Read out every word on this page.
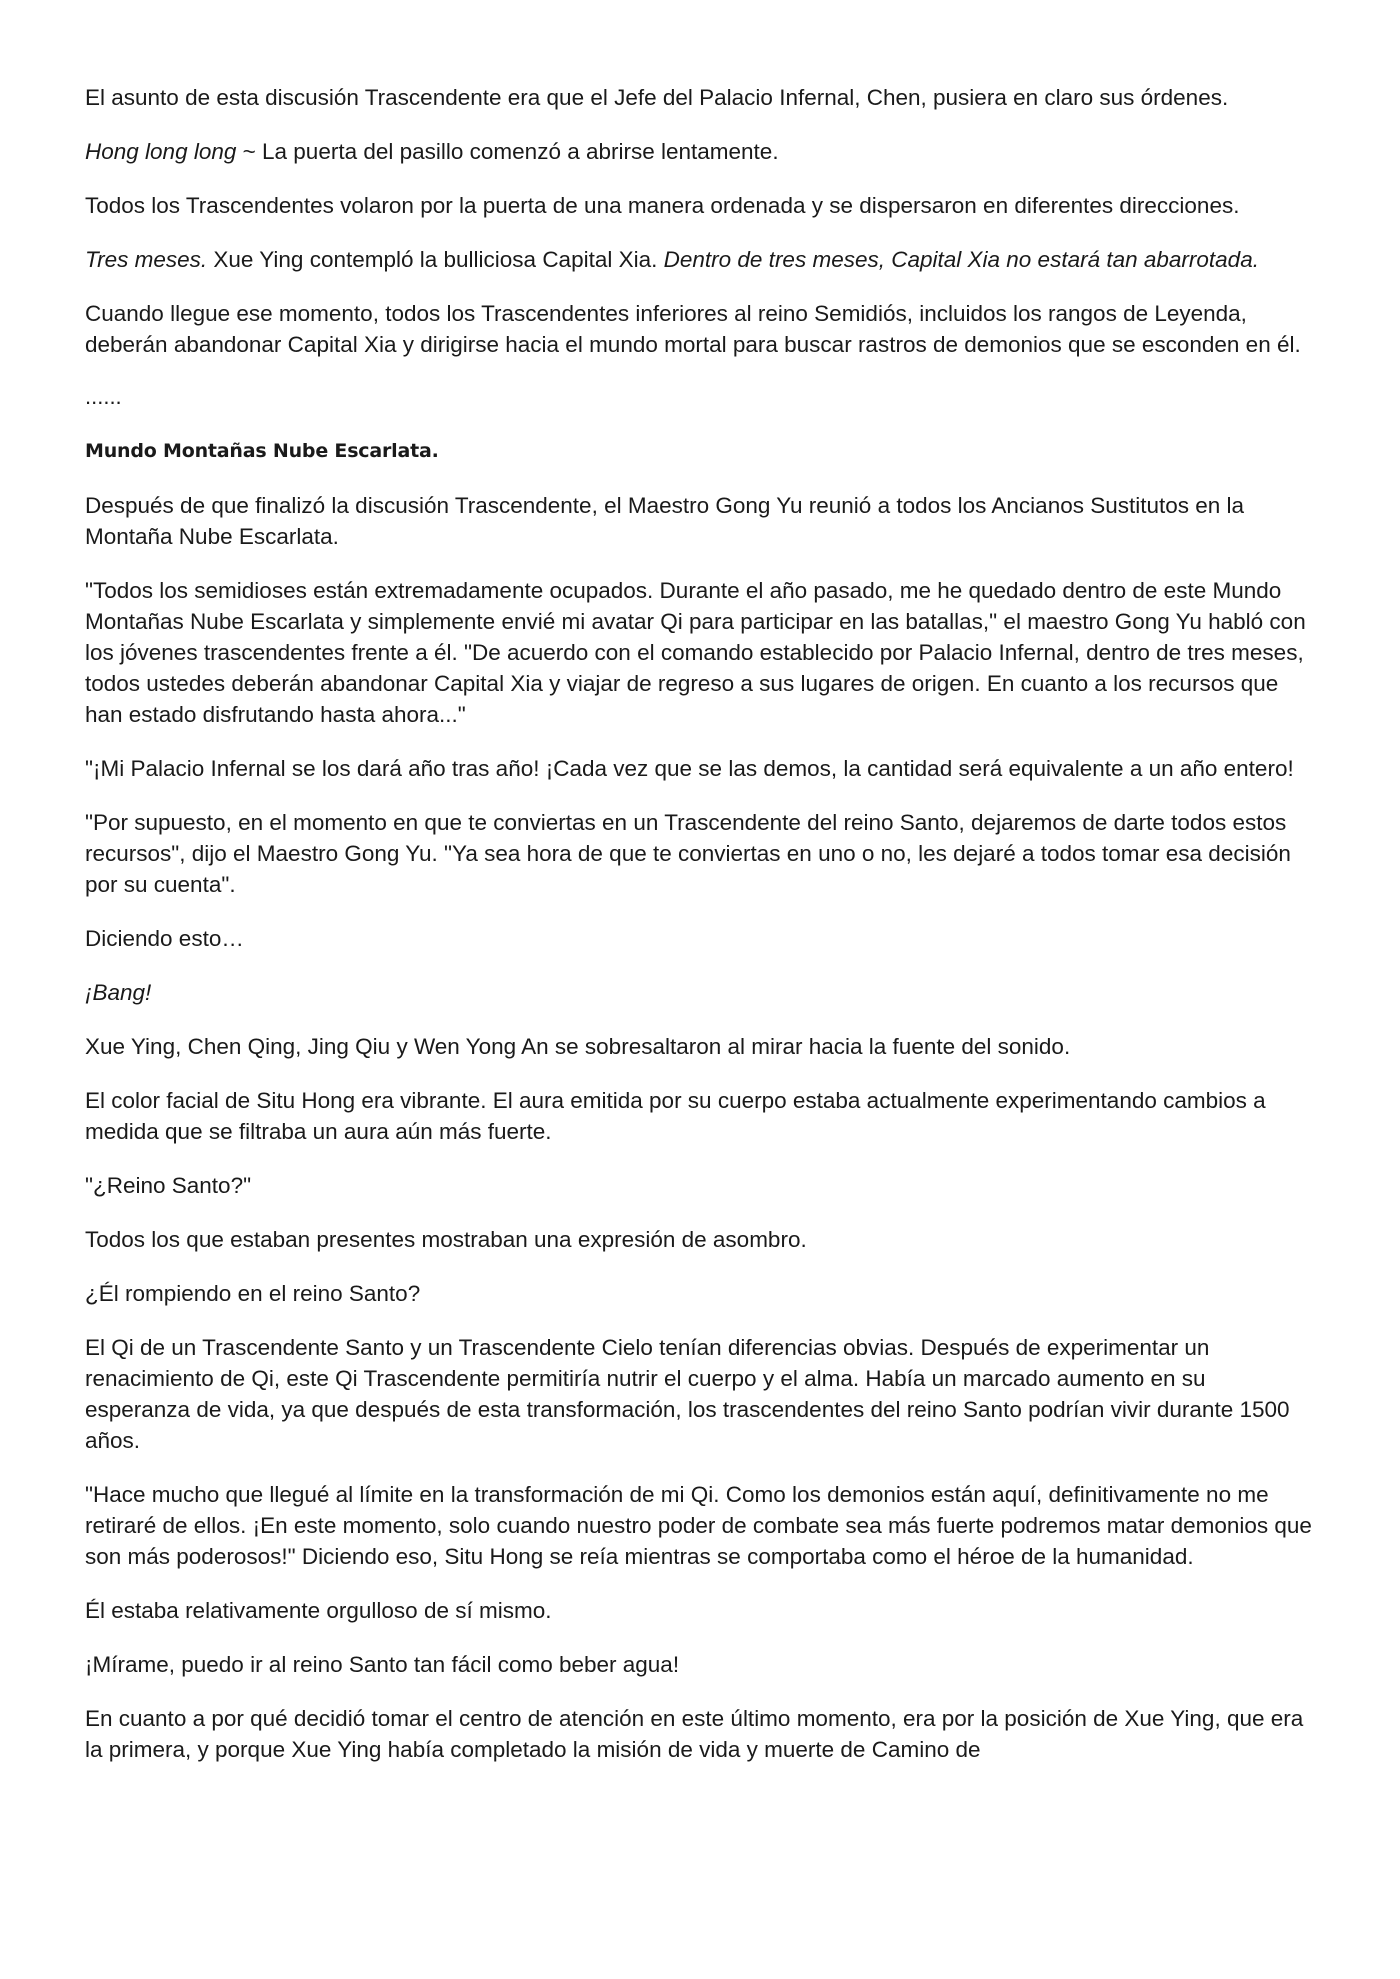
El asunto de esta discusión Trascendente era que el Jefe del Palacio Infernal, Chen, pusiera en claro sus órdenes.

Hong long long ~ La puerta del pasillo comenzó a abrirse lentamente.

Todos los Trascendentes volaron por la puerta de una manera ordenada y se dispersaron en diferentes direcciones.

Tres meses. Xue Ying contempló la bulliciosa Capital Xia. Dentro de tres meses, Capital Xia no estará tan abarrotada.

Cuando llegue ese momento, todos los Trascendentes inferiores al reino Semidiós, incluidos los rangos de Leyenda, deberán abandonar Capital Xia y dirigirse hacia el mundo mortal para buscar rastros de demonios que se esconden en él.

......

Mundo Montañas Nube Escarlata.

Después de que finalizó la discusión Trascendente, el Maestro Gong Yu reunió a todos los Ancianos Sustitutos en la Montaña Nube Escarlata.

"Todos los semidioses están extremadamente ocupados. Durante el año pasado, me he quedado dentro de este Mundo Montañas Nube Escarlata y simplemente envié mi avatar Qi para participar en las batallas," el maestro Gong Yu habló con los jóvenes trascendentes frente a él. "De acuerdo con el comando establecido por Palacio Infernal, dentro de tres meses, todos ustedes deberán abandonar Capital Xia y viajar de regreso a sus lugares de origen. En cuanto a los recursos que han estado disfrutando hasta ahora..."

"¡Mi Palacio Infernal se los dará año tras año! ¡Cada vez que se las demos, la cantidad será equivalente a un año entero!

"Por supuesto, en el momento en que te conviertas en un Trascendente del reino Santo, dejaremos de darte todos estos recursos", dijo el Maestro Gong Yu. "Ya sea hora de que te conviertas en uno o no, les dejaré a todos tomar esa decisión por su cuenta".

Diciendo esto…

¡Bang!

Xue Ying, Chen Qing, Jing Qiu y Wen Yong An se sobresaltaron al mirar hacia la fuente del sonido.

El color facial de Situ Hong era vibrante. El aura emitida por su cuerpo estaba actualmente experimentando cambios a medida que se filtraba un aura aún más fuerte.

"¿Reino Santo?"

Todos los que estaban presentes mostraban una expresión de asombro.

¿Él rompiendo en el reino Santo?

El Qi de un Trascendente Santo y un Trascendente Cielo tenían diferencias obvias. Después de experimentar un renacimiento de Qi, este Qi Trascendente permitiría nutrir el cuerpo y el alma. Había un marcado aumento en su esperanza de vida, ya que después de esta transformación, los trascendentes del reino Santo podrían vivir durante 1500 años.

"Hace mucho que llegué al límite en la transformación de mi Qi. Como los demonios están aquí, definitivamente no me retiraré de ellos. ¡En este momento, solo cuando nuestro poder de combate sea más fuerte podremos matar demonios que son más poderosos!" Diciendo eso, Situ Hong se reía mientras se comportaba como el héroe de la humanidad.

Él estaba relativamente orgulloso de sí mismo.

¡Mírame, puedo ir al reino Santo tan fácil como beber agua!

En cuanto a por qué decidió tomar el centro de atención en este último momento, era por la posición de Xue Ying, que era la primera, y porque Xue Ying había completado la misión de vida y muerte de Camino de
